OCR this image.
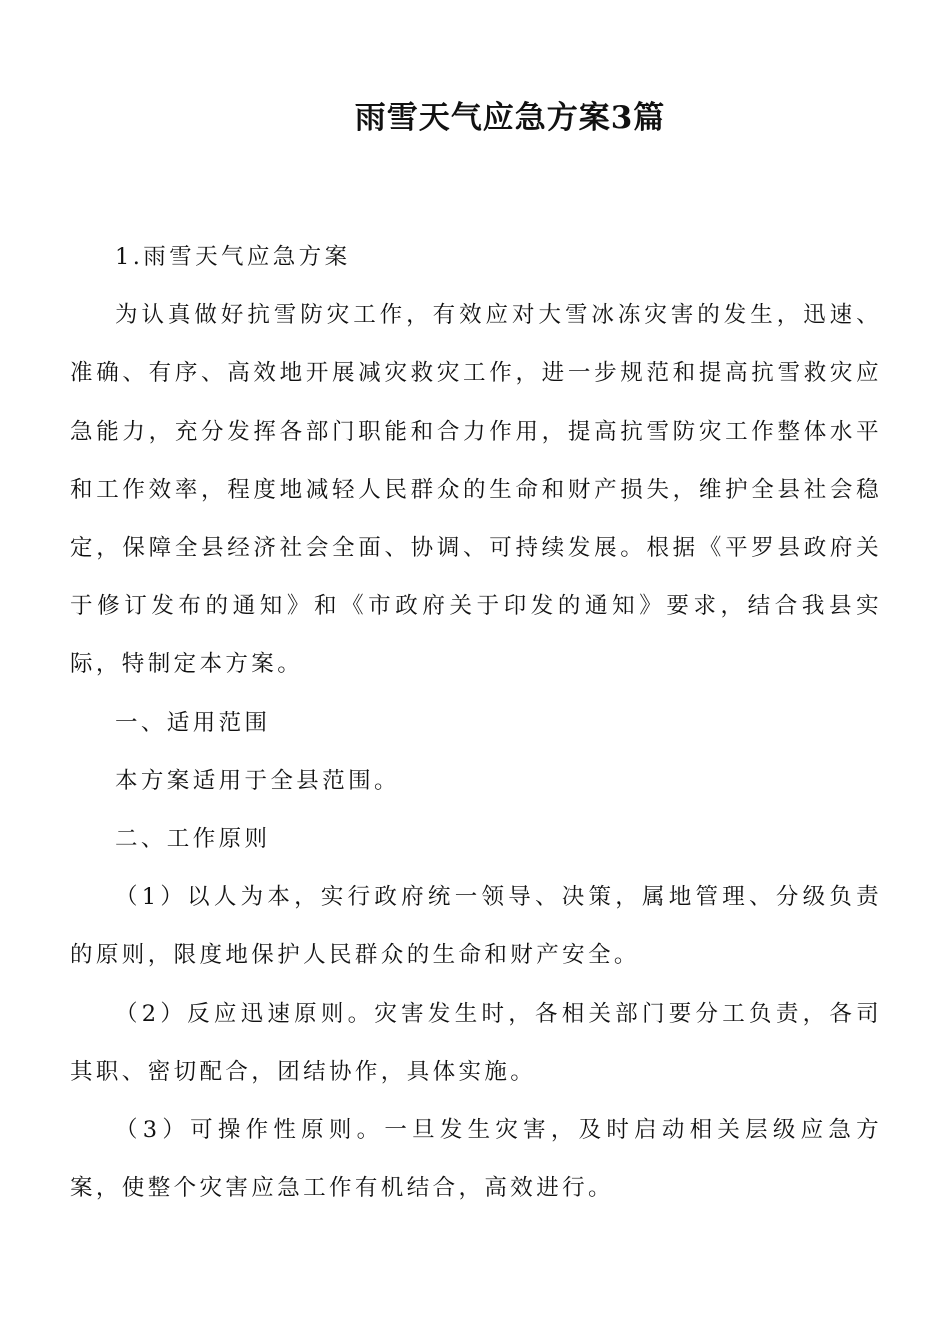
雨雪天气应急方案3篇

1.雨雪天气应急方案

为认真做好抗雪防灾工作，有效应对大雪冰冻灾害的发生，迅速、准确、有序、高效地开展减灾救灾工作，进一步规范和提高抗雪救灾应急能力，充分发挥各部门职能和合力作用，提高抗雪防灾工作整体水平和工作效率，程度地减轻人民群众的生命和财产损失，维护全县社会稳定，保障全县经济社会全面、协调、可持续发展。根据《平罗县政府关于修订发布的通知》和《市政府关于印发的通知》要求，结合我县实际，特制定本方案。

一、适用范围

本方案适用于全县范围。

二、工作原则

（1）以人为本，实行政府统一领导、决策，属地管理、分级负责的原则，限度地保护人民群众的生命和财产安全。

（2）反应迅速原则。灾害发生时，各相关部门要分工负责，各司其职、密切配合，团结协作，具体实施。

（3）可操作性原则。一旦发生灾害，及时启动相关层级应急方案，使整个灾害应急工作有机结合，高效进行。
